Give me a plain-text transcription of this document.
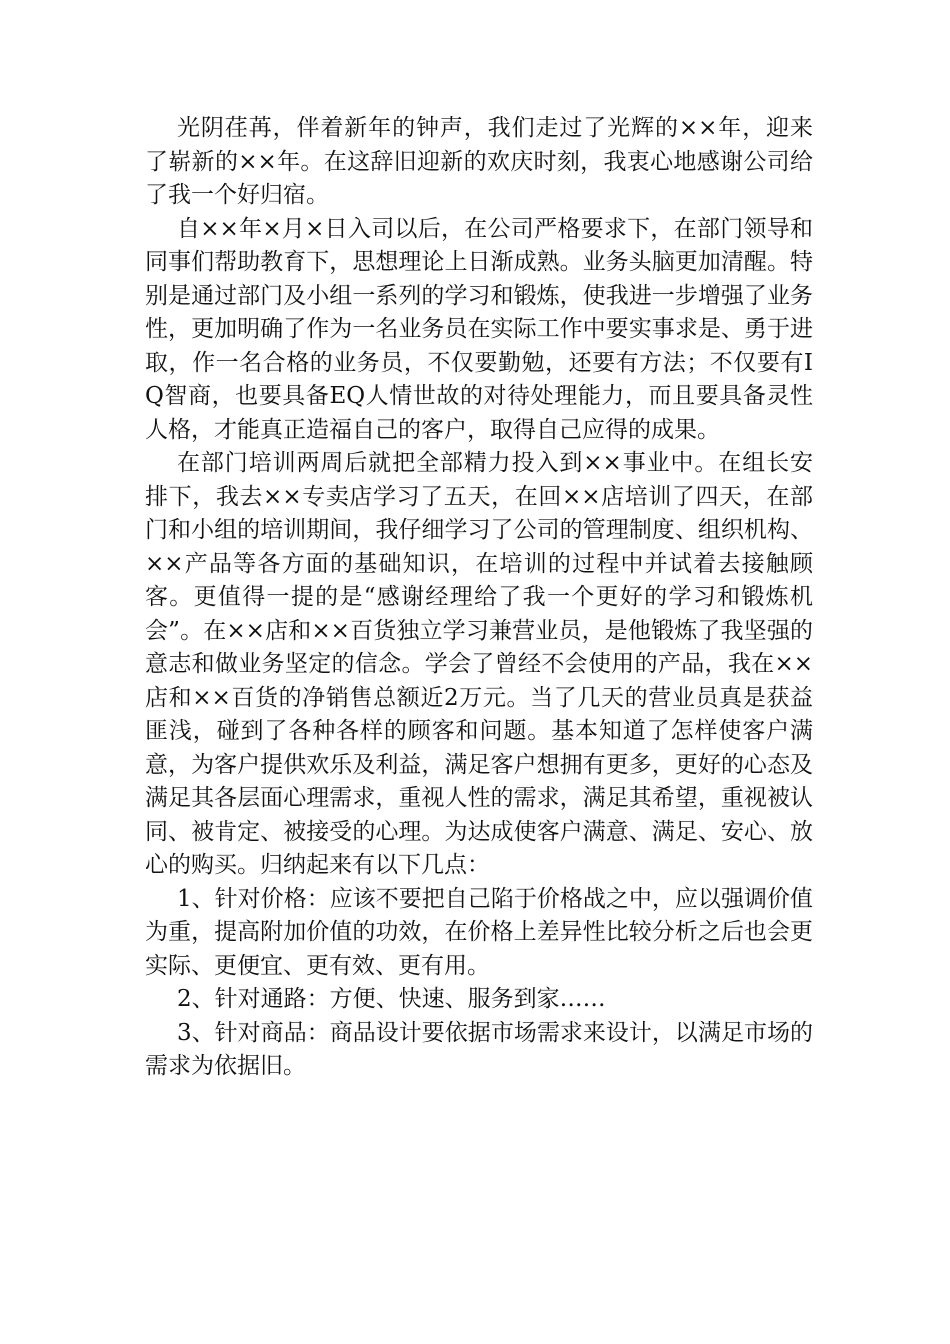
光阴荏苒，伴着新年的钟声，我们走过了光辉的××年，迎来了崭新的××年。在这辞旧迎新的欢庆时刻，我衷心地感谢公司给了我一个好归宿。

自××年×月×日入司以后，在公司严格要求下，在部门领导和同事们帮助教育下，思想理论上日渐成熟。业务头脑更加清醒。特别是通过部门及小组一系列的学习和锻炼，使我进一步增强了业务性，更加明确了作为一名业务员在实际工作中要实事求是、勇于进取，作一名合格的业务员，不仅要勤勉，还要有方法；不仅要有IQ智商，也要具备EQ人情世故的对待处理能力，而且要具备灵性人格，才能真正造福自己的客户，取得自己应得的成果。

在部门培训两周后就把全部精力投入到××事业中。在组长安排下，我去××专卖店学习了五天，在回××店培训了四天，在部门和小组的培训期间，我仔细学习了公司的管理制度、组织机构、××产品等各方面的基础知识，在培训的过程中并试着去接触顾客。更值得一提的是“感谢经理给了我一个更好的学习和锻炼机会”。在××店和××百货独立学习兼营业员，是他锻炼了我坚强的意志和做业务坚定的信念。学会了曾经不会使用的产品，我在××店和××百货的净销售总额近2万元。当了几天的营业员真是获益匪浅，碰到了各种各样的顾客和问题。基本知道了怎样使客户满意，为客户提供欢乐及利益，满足客户想拥有更多，更好的心态及满足其各层面心理需求，重视人性的需求，满足其希望，重视被认同、被肯定、被接受的心理。为达成使客户满意、满足、安心、放心的购买。归纳起来有以下几点：

1、针对价格：应该不要把自己陷于价格战之中，应以强调价值为重，提高附加价值的功效，在价格上差异性比较分析之后也会更实际、更便宜、更有效、更有用。

2、针对通路：方便、快速、服务到家……

3、针对商品：商品设计要依据市场需求来设计，以满足市场的需求为依据旧。
